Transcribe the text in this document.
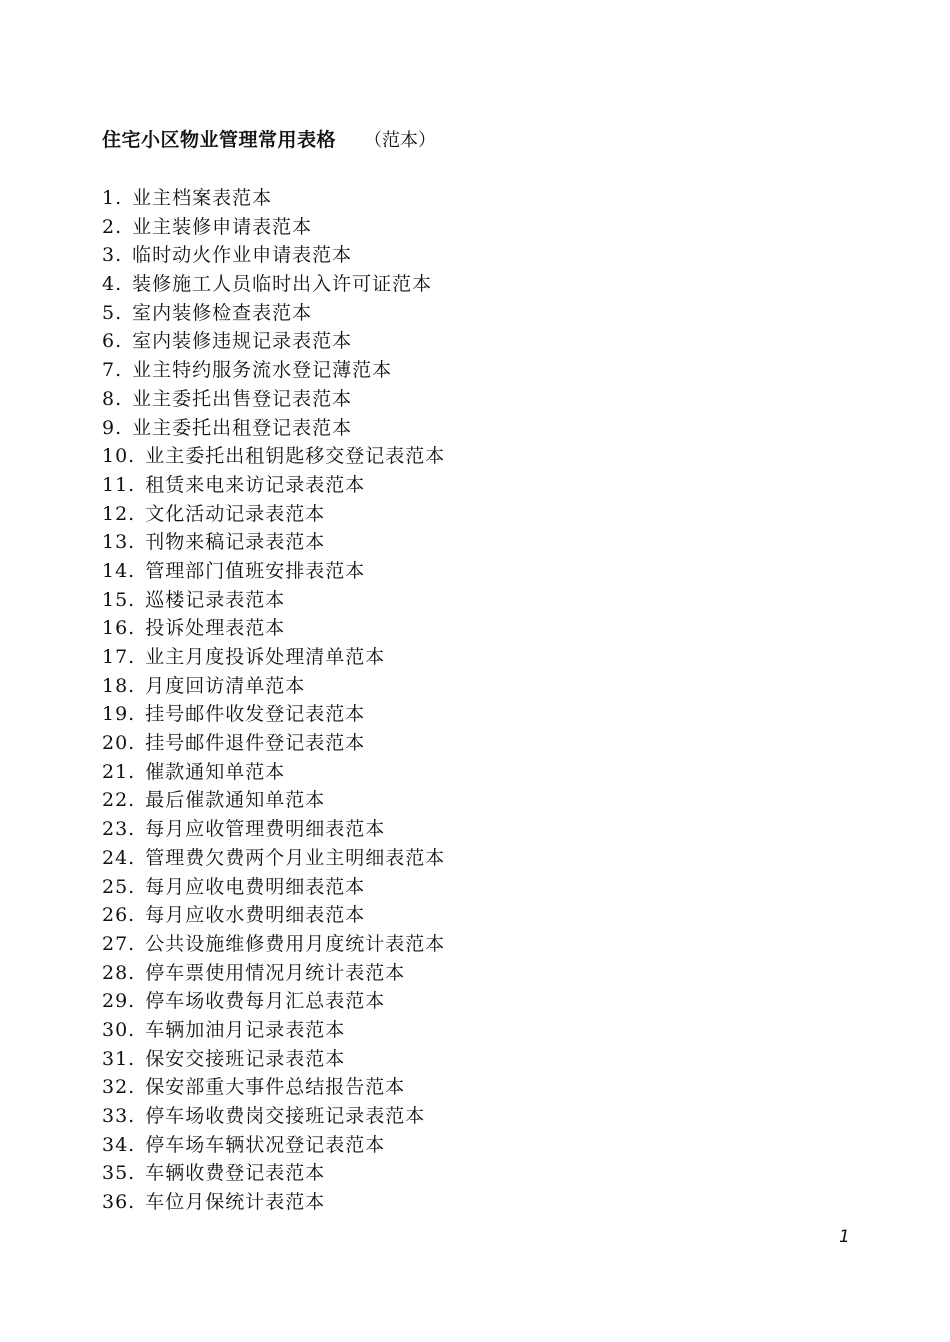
住宅小区物业管理常用表格 （范本）
1. 业主档案表范本
2. 业主装修申请表范本
3. 临时动火作业申请表范本
4. 装修施工人员临时出入许可证范本
5. 室内装修检查表范本
6. 室内装修违规记录表范本
7. 业主特约服务流水登记薄范本
8. 业主委托出售登记表范本
9. 业主委托出租登记表范本
10. 业主委托出租钥匙移交登记表范本
11. 租赁来电来访记录表范本
12. 文化活动记录表范本
13. 刊物来稿记录表范本
14. 管理部门值班安排表范本
15. 巡楼记录表范本
16. 投诉处理表范本
17. 业主月度投诉处理清单范本
18. 月度回访清单范本
19. 挂号邮件收发登记表范本
20. 挂号邮件退件登记表范本
21. 催款通知单范本
22. 最后催款通知单范本
23. 每月应收管理费明细表范本
24. 管理费欠费两个月业主明细表范本
25. 每月应收电费明细表范本
26. 每月应收水费明细表范本
27. 公共设施维修费用月度统计表范本
28. 停车票使用情况月统计表范本
29. 停车场收费每月汇总表范本
30. 车辆加油月记录表范本
31. 保安交接班记录表范本
32. 保安部重大事件总结报告范本
33. 停车场收费岗交接班记录表范本
34. 停车场车辆状况登记表范本
35. 车辆收费登记表范本
36. 车位月保统计表范本
1
